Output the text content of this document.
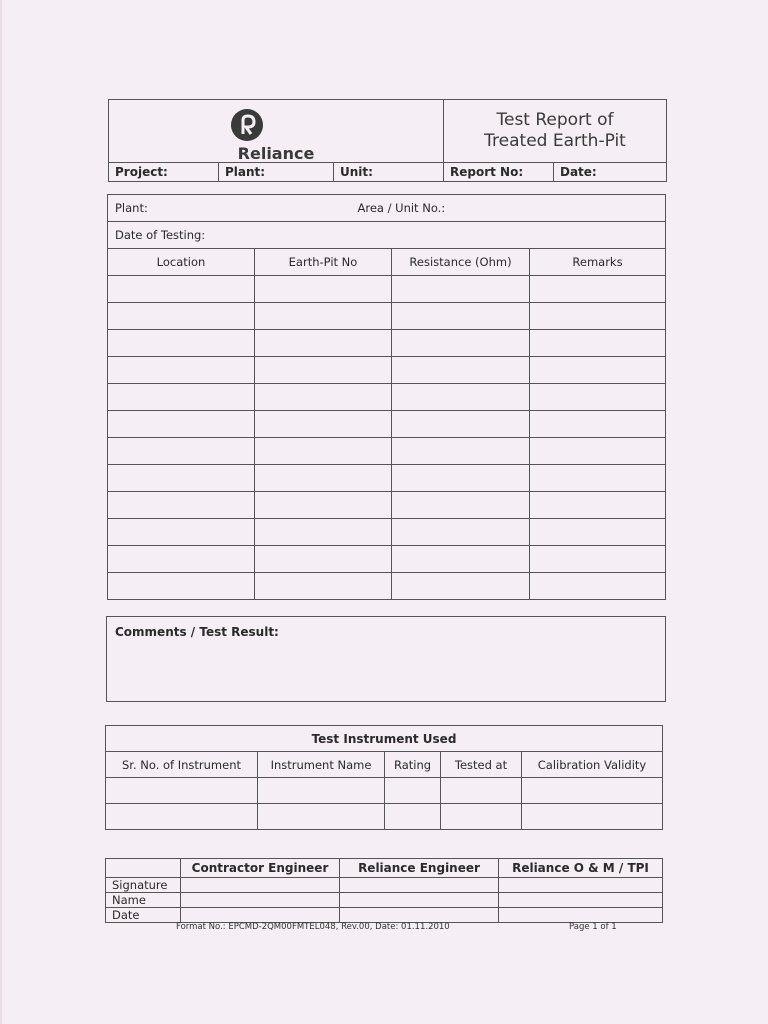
Reliance			Test Report of
Treated Earth-Pit	

Project:	Plant:	Unit:	Report No:	Date:
Plant: Area / Unit No.:			

Date of Testing:			
Location	Earth-Pit No	Resistance (Ohm)	Remarks

Comments / Test Result:
Test Instrument Used				
Sr. No. of Instrument	Instrument Name	Rating	Tested at	Calibration Validity

	Contractor Engineer	Reliance Engineer	Reliance O & M / TPI
Signature			
Name			
Date			
Format No.: EPCMD-2QM00FMTEL048, Rev.00, Date: 01.11.2010	Page 1 of 1
